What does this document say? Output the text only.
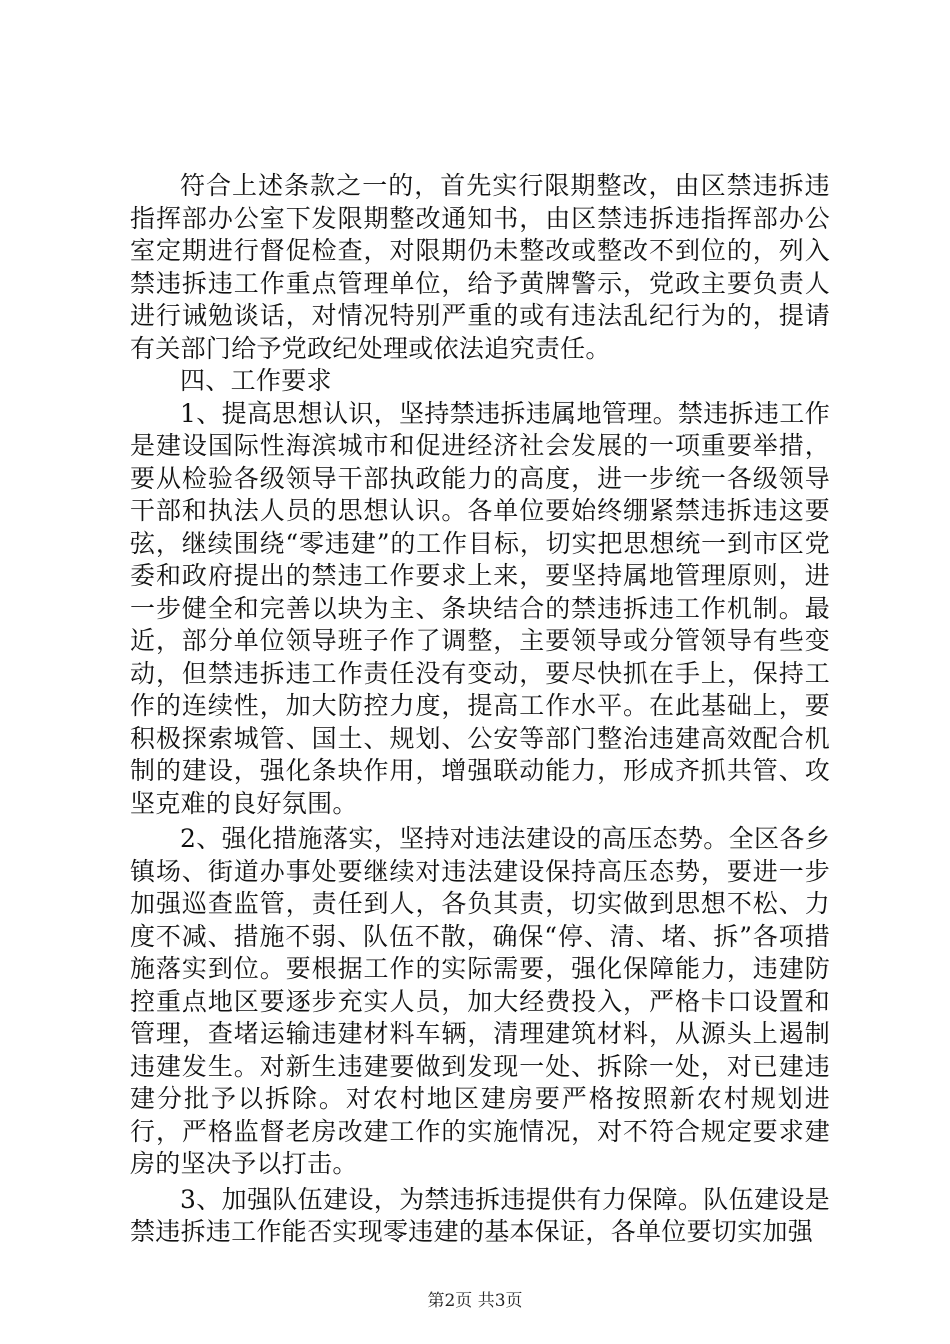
符合上述条款之一的，首先实行限期整改，由区禁违拆违指挥部办公室下发限期整改通知书，由区禁违拆违指挥部办公室定期进行督促检查，对限期仍未整改或整改不到位的，列入禁违拆违工作重点管理单位，给予黄牌警示，党政主要负责人进行诫勉谈话，对情况特别严重的或有违法乱纪行为的，提请有关部门给予党政纪处理或依法追究责任。

四、工作要求

1、提高思想认识，坚持禁违拆违属地管理。禁违拆违工作是建设国际性海滨城市和促进经济社会发展的一项重要举措，要从检验各级领导干部执政能力的高度，进一步统一各级领导干部和执法人员的思想认识。各单位要始终绷紧禁违拆违这要弦，继续围绕“零违建”的工作目标，切实把思想统一到市区党委和政府提出的禁违工作要求上来，要坚持属地管理原则，进一步健全和完善以块为主、条块结合的禁违拆违工作机制。最近，部分单位领导班子作了调整，主要领导或分管领导有些变动，但禁违拆违工作责任没有变动，要尽快抓在手上，保持工作的连续性，加大防控力度，提高工作水平。在此基础上，要积极探索城管、国土、规划、公安等部门整治违建高效配合机制的建设，强化条块作用，增强联动能力，形成齐抓共管、攻坚克难的良好氛围。

2、强化措施落实，坚持对违法建设的高压态势。全区各乡镇场、街道办事处要继续对违法建设保持高压态势，要进一步加强巡查监管，责任到人，各负其责，切实做到思想不松、力度不减、措施不弱、队伍不散，确保“停、清、堵、拆”各项措施落实到位。要根据工作的实际需要，强化保障能力，违建防控重点地区要逐步充实人员，加大经费投入，严格卡口设置和管理，查堵运输违建材料车辆，清理建筑材料，从源头上遏制违建发生。对新生违建要做到发现一处、拆除一处，对已建违建分批予以拆除。对农村地区建房要严格按照新农村规划进行，严格监督老房改建工作的实施情况，对不符合规定要求建房的坚决予以打击。

3、加强队伍建设，为禁违拆违提供有力保障。队伍建设是禁违拆违工作能否实现零违建的基本保证，各单位要切实加强

第2页 共3页
